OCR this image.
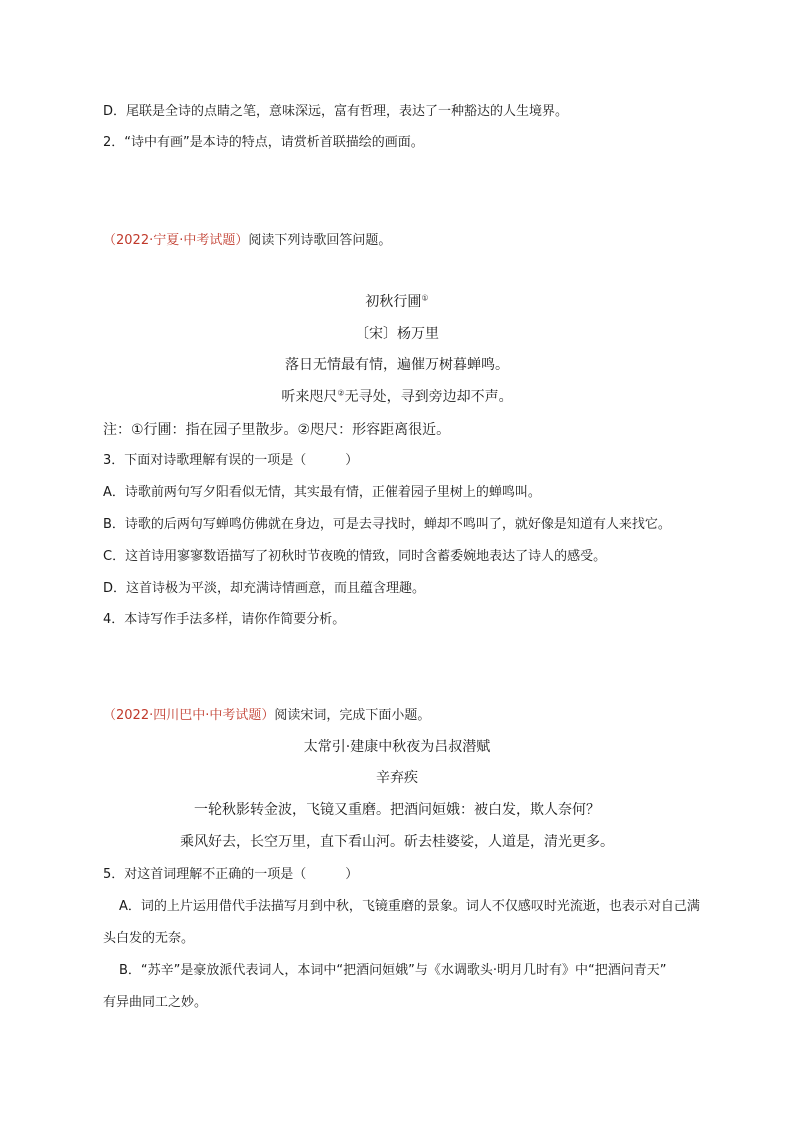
D．尾联是全诗的点睛之笔，意味深远，富有哲理，表达了一种豁达的人生境界。
2．“诗中有画”是本诗的特点，请赏析首联描绘的画面。
（2022·宁夏·中考试题）阅读下列诗歌回答问题。
初秋行圃①
〔宋〕杨万里
落日无情最有情，遍催万树暮蝉鸣。
听来咫尺②无寻处，寻到旁边却不声。
注：①行圃：指在园子里散步。②咫尺：形容距离很近。
3．下面对诗歌理解有误的一项是（　　　）
A．诗歌前两句写夕阳看似无情，其实最有情，正催着园子里树上的蝉鸣叫。
B．诗歌的后两句写蝉鸣仿佛就在身边，可是去寻找时，蝉却不鸣叫了，就好像是知道有人来找它。
C．这首诗用寥寥数语描写了初秋时节夜晚的情致，同时含蓄委婉地表达了诗人的感受。
D．这首诗极为平淡，却充满诗情画意，而且蕴含理趣。
4．本诗写作手法多样，请你作简要分析。
（2022·四川巴中·中考试题）阅读宋词，完成下面小题。
太常引·建康中秋夜为吕叔潜赋
辛弃疾
一轮秋影转金波，飞镜又重磨。把酒问姮娥：被白发，欺人奈何？
乘风好去，长空万里，直下看山河。斫去桂婆娑，人道是，清光更多。
5．对这首词理解不正确的一项是（　　　）
A．词的上片运用借代手法描写月到中秋，飞镜重磨的景象。词人不仅感叹时光流逝，也表示对自己满
头白发的无奈。
B．“苏辛”是豪放派代表词人，本词中“把酒问姮娥”与《水调歌头·明月几时有》中“把酒问青天”
有异曲同工之妙。
